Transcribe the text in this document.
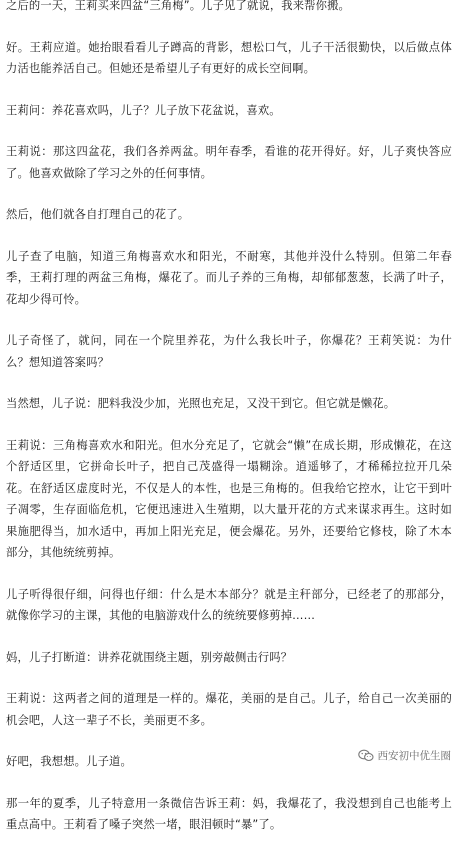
之后的一天，王莉买来四盆“三角梅”。儿子见了就说，我来帮你搬。

好。王莉应道。她抬眼看看儿子蹲高的背影，想松口气，儿子干活很勤快，以后做点体力活也能养活自己。但她还是希望儿子有更好的成长空间啊。

王莉问：养花喜欢吗，儿子？儿子放下花盆说，喜欢。

王莉说：那这四盆花，我们各养两盆。明年春季，看谁的花开得好。好，儿子爽快答应了。他喜欢做除了学习之外的任何事情。

然后，他们就各自打理自己的花了。

儿子查了电脑，知道三角梅喜欢水和阳光，不耐寒，其他并没什么特别。但第二年春季，王莉打理的两盆三角梅，爆花了。而儿子养的三角梅，却郁郁葱葱，长满了叶子，花却少得可怜。

儿子奇怪了，就问，同在一个院里养花，为什么我长叶子，你爆花？王莉笑说：为什么？想知道答案吗？

当然想，儿子说：肥料我没少加，光照也充足，又没干到它。但它就是懒花。

王莉说：三角梅喜欢水和阳光。但水分充足了，它就会“懒”在成长期，形成懒花，在这个舒适区里，它拼命长叶子，把自己茂盛得一塌糊涂。逍遥够了，才稀稀拉拉开几朵花。在舒适区虚度时光，不仅是人的本性，也是三角梅的。但我给它控水，让它干到叶子凋零，生存面临危机，它便迅速进入生殖期，以大量开花的方式来谋求再生。这时如果施肥得当，加水适中，再加上阳光充足，便会爆花。另外，还要给它修枝，除了木本部分，其他统统剪掉。

儿子听得很仔细，问得也仔细：什么是木本部分？就是主秆部分，已经老了的那部分，就像你学习的主课，其他的电脑游戏什么的统统要修剪掉……

妈，儿子打断道：讲养花就围绕主题，别旁敲侧击行吗？

王莉说：这两者之间的道理是一样的。爆花，美丽的是自己。儿子，给自己一次美丽的机会吧，人这一辈子不长，美丽更不多。

好吧，我想想。儿子道。

那一年的夏季，儿子特意用一条微信告诉王莉：妈，我爆花了，我没想到自己也能考上重点高中。王莉看了嗓子突然一堵，眼泪顿时“暴”了。

西安初中优生圈
